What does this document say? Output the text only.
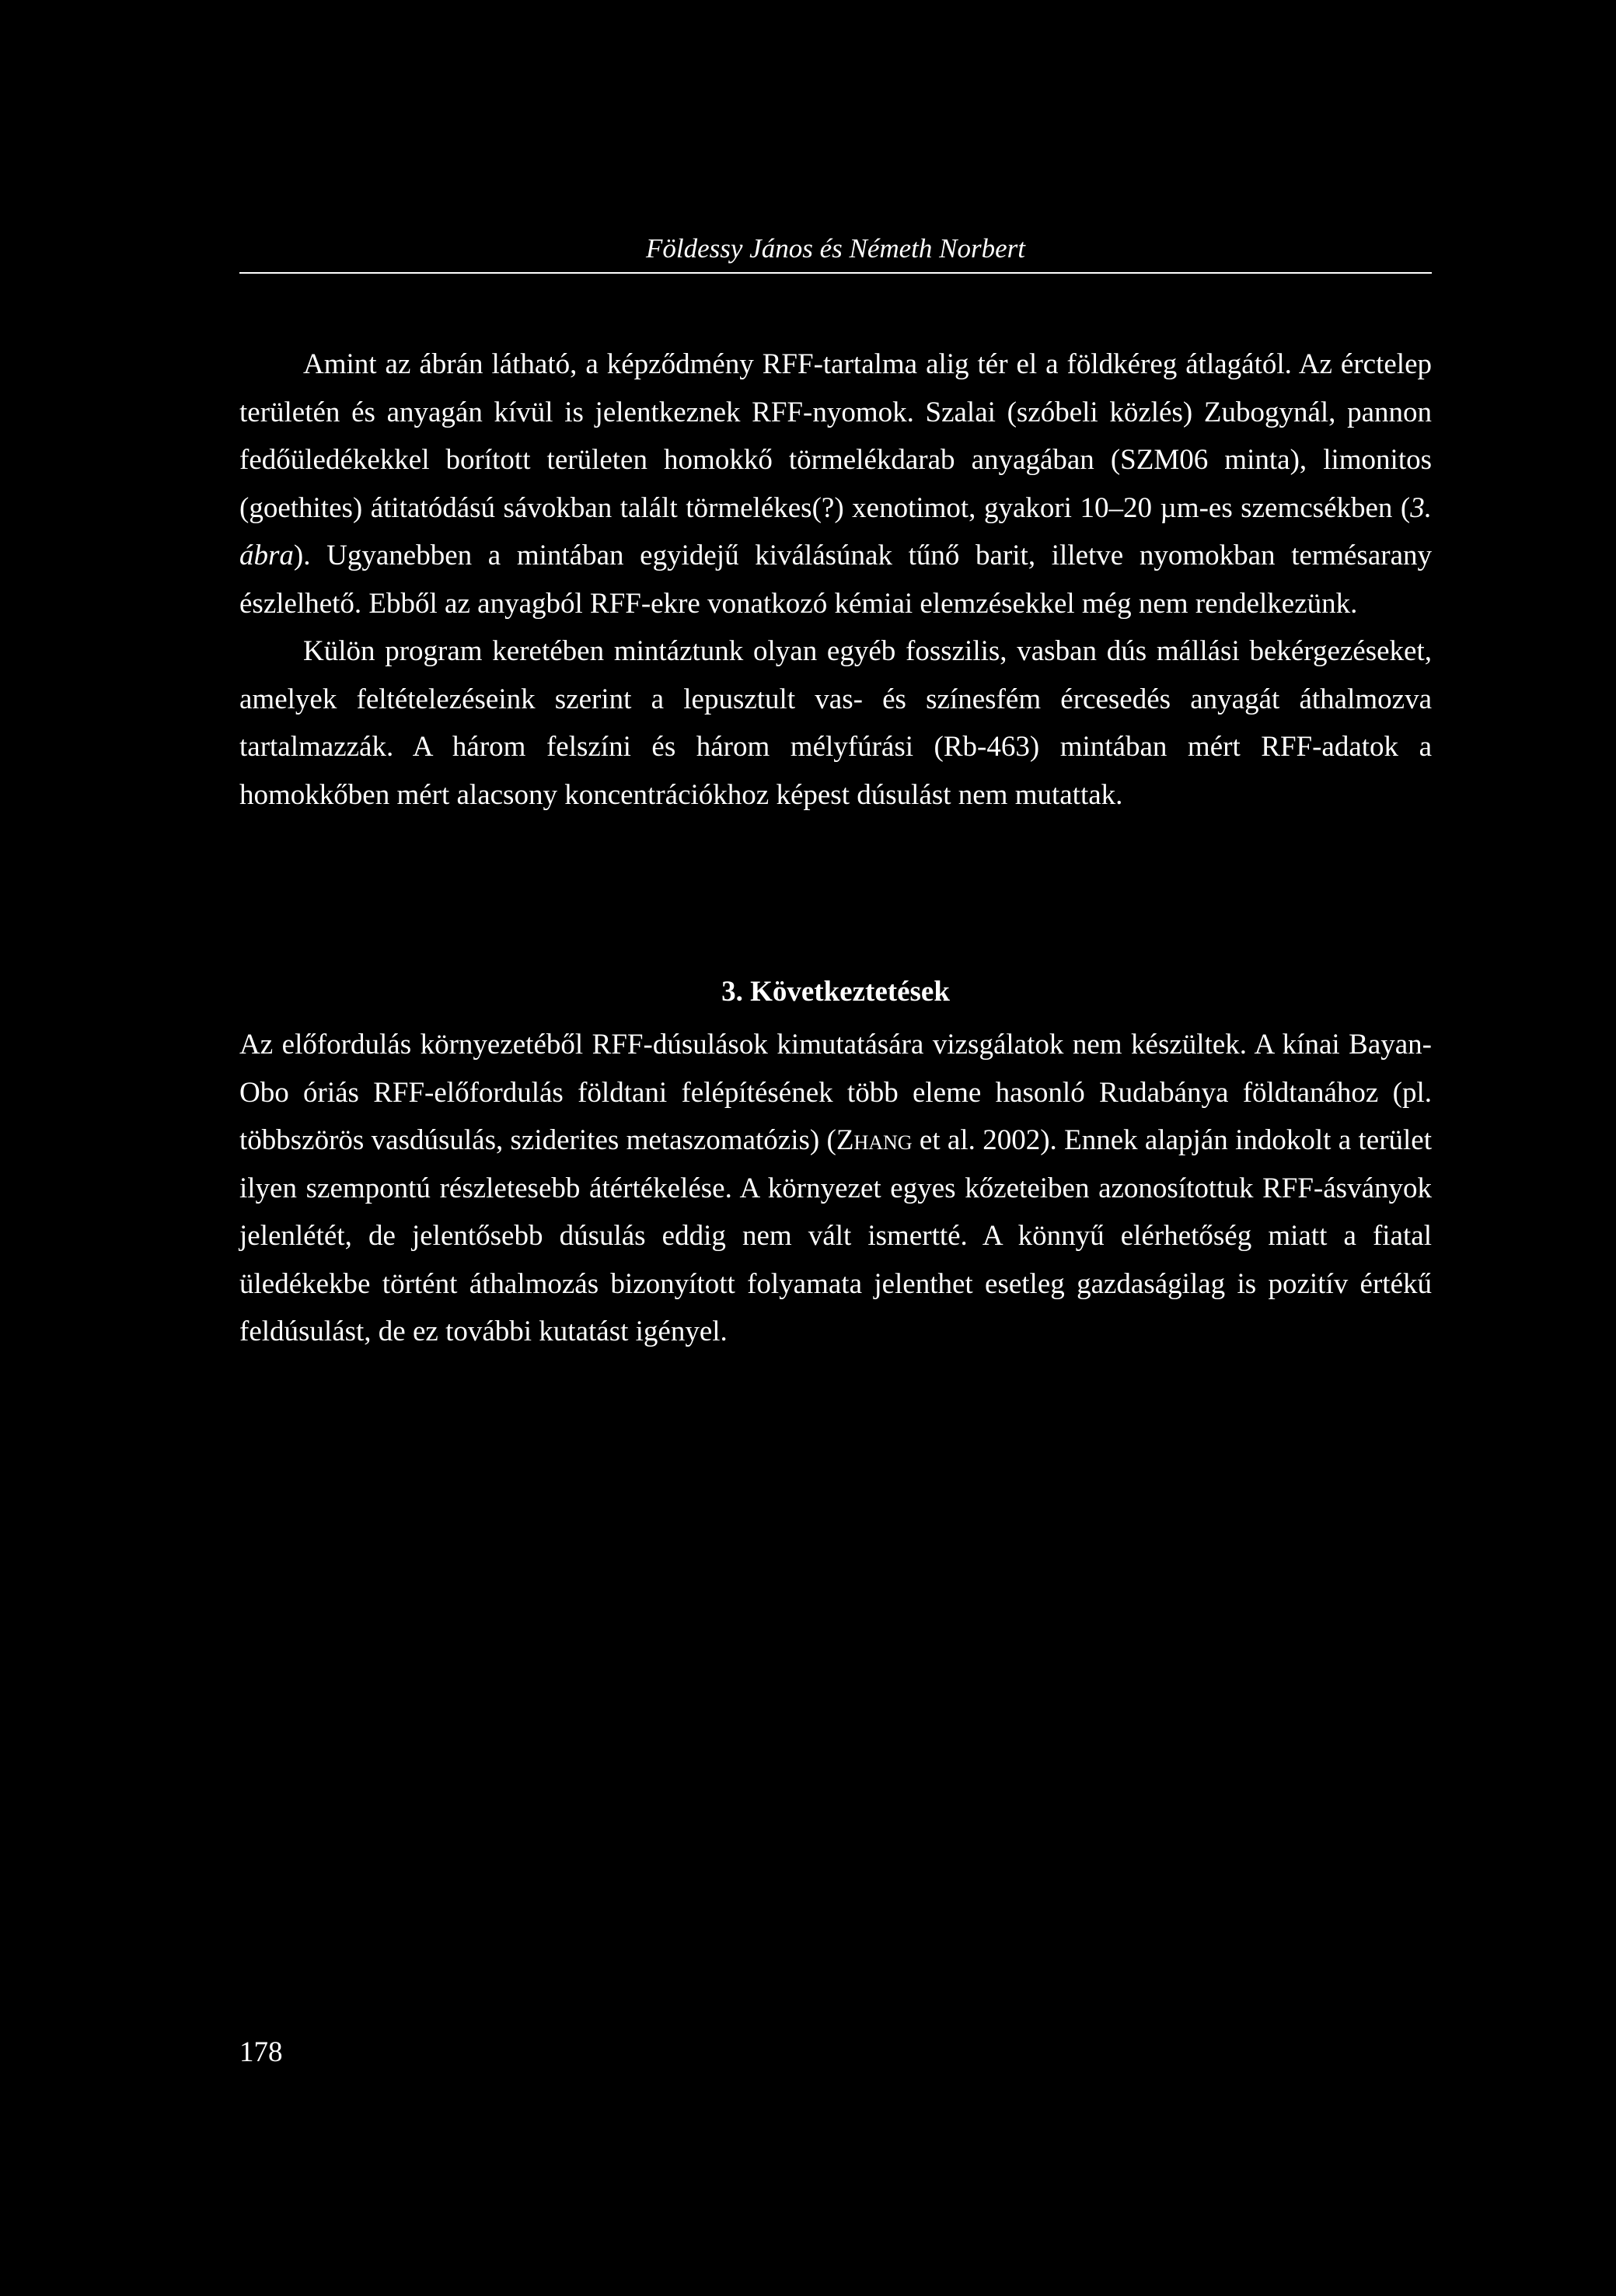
Földessy János és Németh Norbert

Amint az ábrán látható, a képződmény RFF-tartalma alig tér el a földkéreg átlagától. Az érctelep területén és anyagán kívül is jelentkeznek RFF-nyomok. Szalai (szóbeli közlés) Zubogynál, pannon fedőüledékekkel borított területen homokkő törmelékdarab anyagában (SZM06 minta), limonitos (goethites) átitatódású sávokban talált törmelékes(?) xenotimot, gyakori 10–20 µm-es szemcsékben (3. ábra). Ugyanebben a mintában egyidejű kiválásúnak tűnő barit, illetve nyomokban termésarany észlelhető. Ebből az anyagból RFF-ekre vonatkozó kémiai elemzésekkel még nem rendelkezünk.

Külön program keretében mintáztunk olyan egyéb fosszilis, vasban dús mállási bekérgezéseket, amelyek feltételezéseink szerint a lepusztult vas- és színesfém ércesedés anyagát áthalmozva tartalmazzák. A három felszíni és három mélyfúrási (Rb-463) mintában mért RFF-adatok a homokkőben mért alacsony koncentrációkhoz képest dúsulást nem mutattak.

3. Következtetések

Az előfordulás környezetéből RFF-dúsulások kimutatására vizsgálatok nem készültek. A kínai Bayan-Obo óriás RFF-előfordulás földtani felépítésének több eleme hasonló Rudabánya földtanához (pl. többszörös vasdúsulás, sziderites metaszomatózis) (Zhang et al. 2002). Ennek alapján indokolt a terület ilyen szempontú részletesebb átértékelése. A környezet egyes kőzeteiben azonosítottuk RFF-ásványok jelenlétét, de jelentősebb dúsulás eddig nem vált ismertté. A könnyű elérhetőség miatt a fiatal üledékekbe történt áthalmozás bizonyított folyamata jelenthet esetleg gazdaságilag is pozitív értékű feldúsulást, de ez további kutatást igényel.

178
